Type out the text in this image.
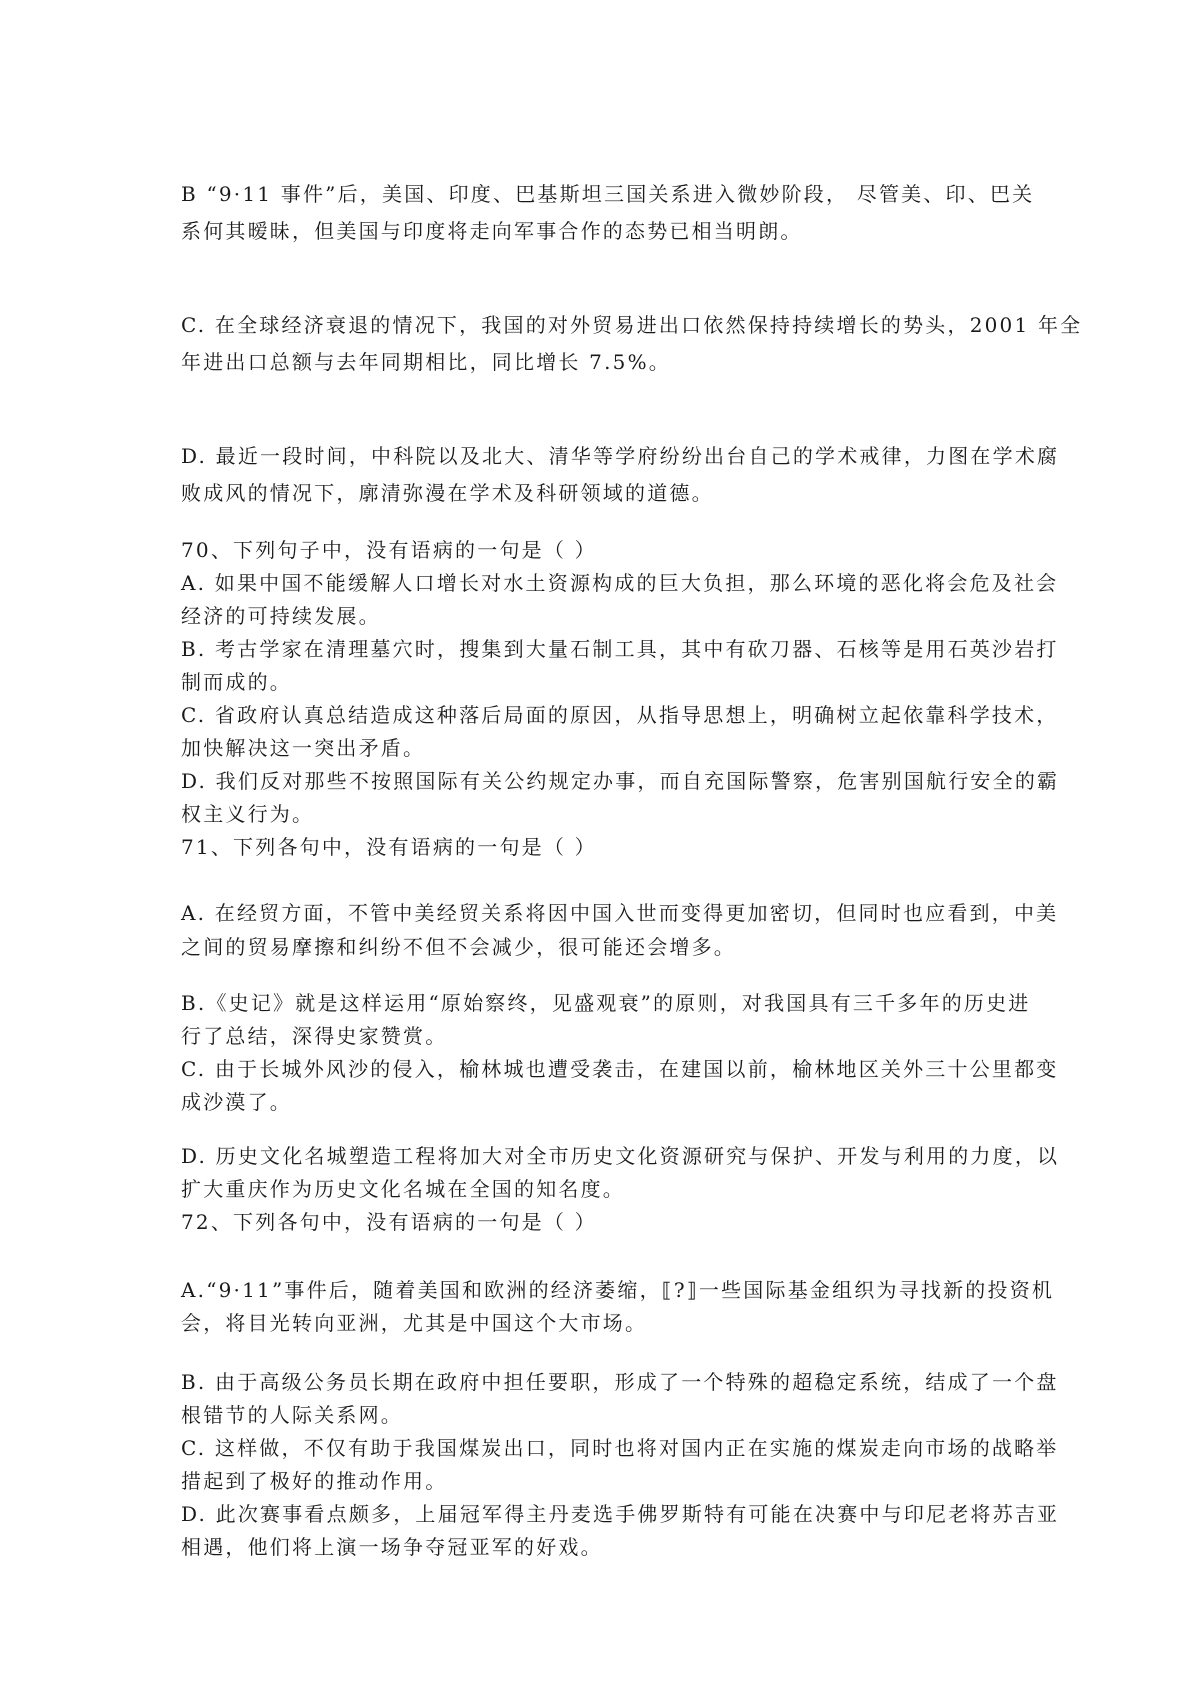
B “9·11 事件”后，美国、印度、巴基斯坦三国关系进入微妙阶段， 尽管美、印、巴关
系何其暧昧，但美国与印度将走向军事合作的态势已相当明朗。
C. 在全球经济衰退的情况下，我国的对外贸易进出口依然保持持续增长的势头，2001 年全
年进出口总额与去年同期相比，同比增长 7.5%。
D. 最近一段时间，中科院以及北大、清华等学府纷纷出台自己的学术戒律，力图在学术腐
败成风的情况下，廓清弥漫在学术及科研领域的道德。
70、下列句子中，没有语病的一句是（ ）
A. 如果中国不能缓解人口增长对水土资源构成的巨大负担，那么环境的恶化将会危及社会
经济的可持续发展。
B. 考古学家在清理墓穴时，搜集到大量石制工具，其中有砍刀器、石核等是用石英沙岩打
制而成的。
C. 省政府认真总结造成这种落后局面的原因，从指导思想上，明确树立起依靠科学技术，
加快解决这一突出矛盾。
D. 我们反对那些不按照国际有关公约规定办事，而自充国际警察，危害别国航行安全的霸
权主义行为。
71、下列各句中，没有语病的一句是（ ）
A. 在经贸方面，不管中美经贸关系将因中国入世而变得更加密切，但同时也应看到，中美
之间的贸易摩擦和纠纷不但不会减少，很可能还会增多。
B.《史记》就是这样运用“原始察终，见盛观衰”的原则，对我国具有三千多年的历史进
行了总结，深得史家赞赏。
C. 由于长城外风沙的侵入，榆林城也遭受袭击，在建国以前，榆林地区关外三十公里都变
成沙漠了。
D. 历史文化名城塑造工程将加大对全市历史文化资源研究与保护、开发与利用的力度，以
扩大重庆作为历史文化名城在全国的知名度。
72、下列各句中，没有语病的一句是（ ）
A.“9·11”事件后，随着美国和欧洲的经济萎缩，⟦?⟧一些国际基金组织为寻找新的投资机
会，将目光转向亚洲，尤其是中国这个大市场。
B. 由于高级公务员长期在政府中担任要职，形成了一个特殊的超稳定系统，结成了一个盘
根错节的人际关系网。
C. 这样做，不仅有助于我国煤炭出口，同时也将对国内正在实施的煤炭走向市场的战略举
措起到了极好的推动作用。
D. 此次赛事看点颇多，上届冠军得主丹麦选手佛罗斯特有可能在决赛中与印尼老将苏吉亚
相遇，他们将上演一场争夺冠亚军的好戏。
